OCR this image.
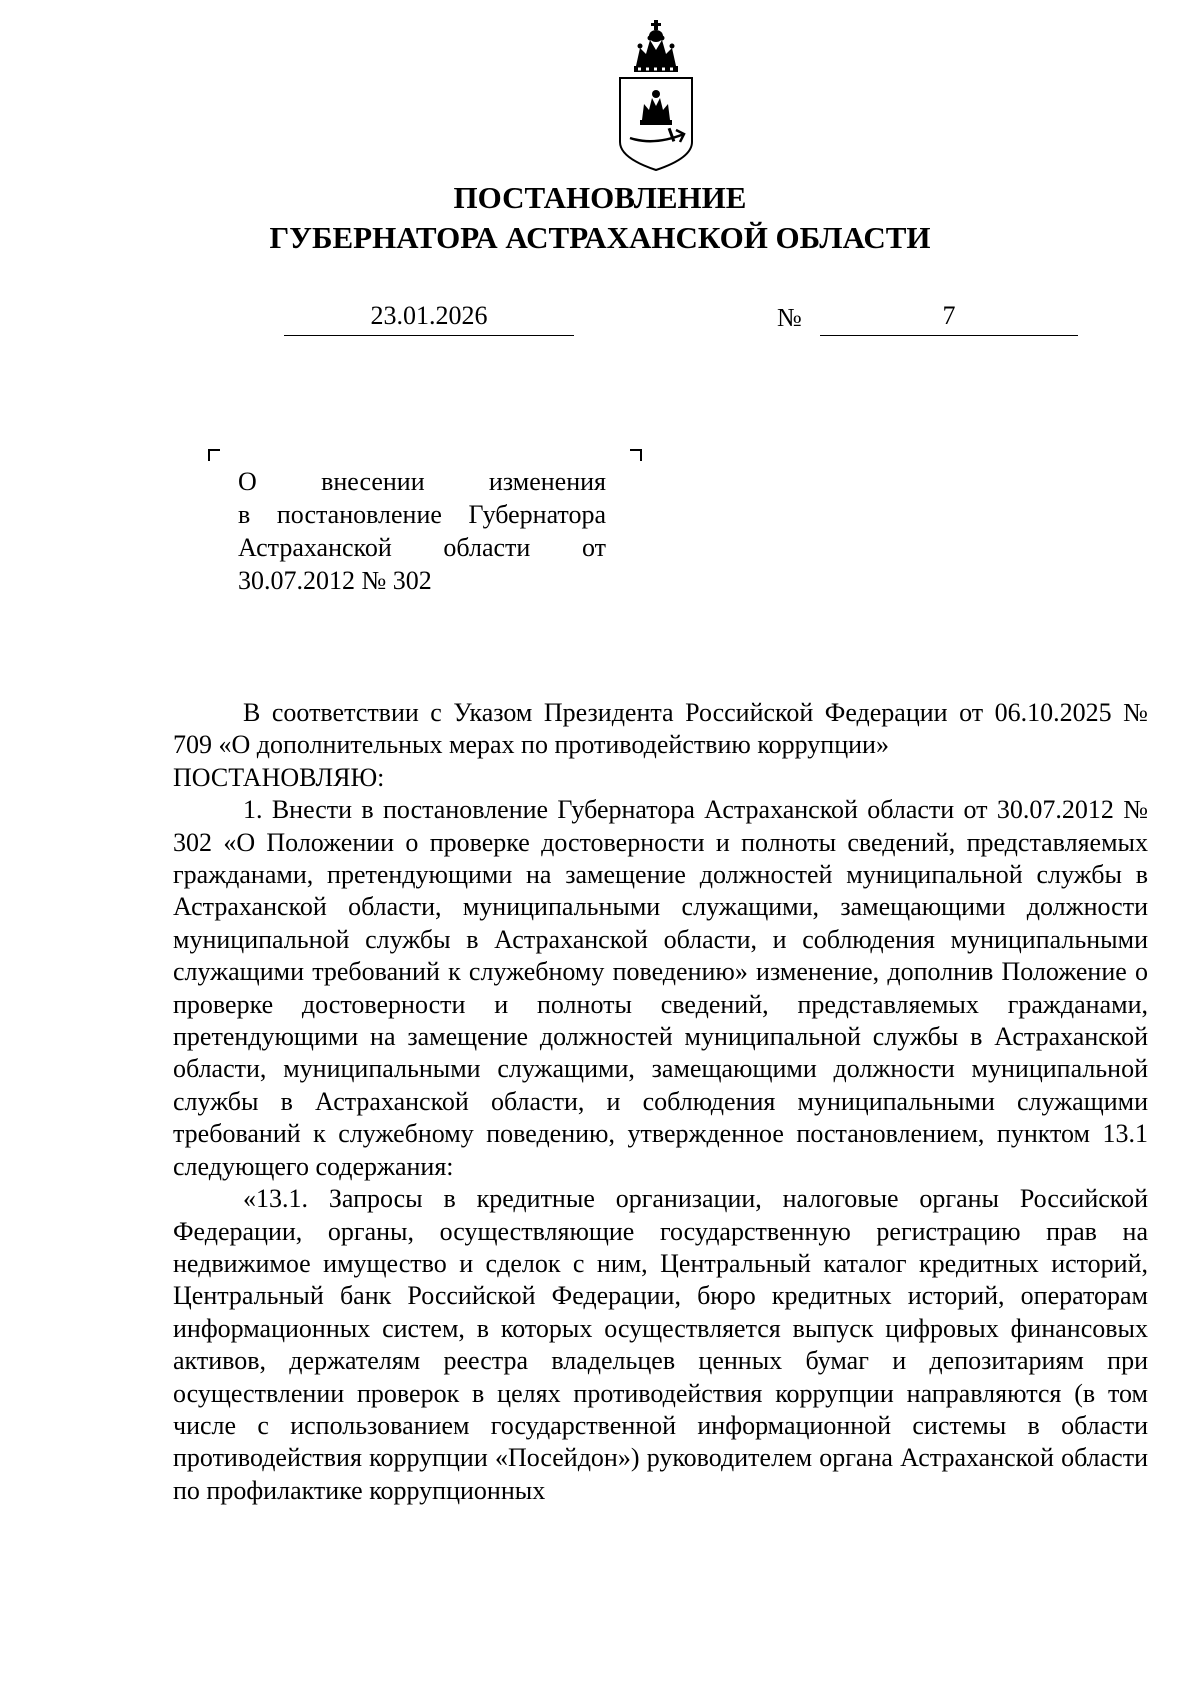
ПОСТАНОВЛЕНИЕ
ГУБЕРНАТОРА АСТРАХАНСКОЙ ОБЛАСТИ
23.01.2026	№	7
О внесении изменения
в постановление Губернатора
Астраханской области от
30.07.2012 № 302

В соответствии с Указом Президента Российской Федерации от 06.10.2025 № 709 «О дополнительных мерах по противодействию коррупции»

ПОСТАНОВЛЯЮ:

1. Внести в постановление Губернатора Астраханской области от 30.07.2012 № 302 «О Положении о проверке достоверности и полноты сведений, представляемых гражданами, претендующими на замещение должностей муниципальной службы в Астраханской области, муниципальными служащими, замещающими должности муниципальной службы в Астраханской области, и соблюдения муниципальными служащими требований к служебному поведению» изменение, дополнив Положение о проверке достоверности и полноты сведений, представляемых гражданами, претендующими на замещение должностей муниципальной службы в Астраханской области, муниципальными служащими, замещающими должности муниципальной службы в Астраханской области, и соблюдения муниципальными служащими требований к служебному поведению, утвержденное постановлением, пунктом 13.1 следующего содержания:

«13.1. Запросы в кредитные организации, налоговые органы Российской Федерации, органы, осуществляющие государственную регистрацию прав на недвижимое имущество и сделок с ним, Центральный каталог кредитных историй, Центральный банк Российской Федерации, бюро кредитных историй, операторам информационных систем, в которых осуществляется выпуск цифровых финансовых активов, держателям реестра владельцев ценных бумаг и депозитариям при осуществлении проверок в целях противодействия коррупции направляются (в том числе с использованием государственной информационной системы в области противодействия коррупции «Посейдон») руководителем органа Астраханской области по профилактике коррупционных
